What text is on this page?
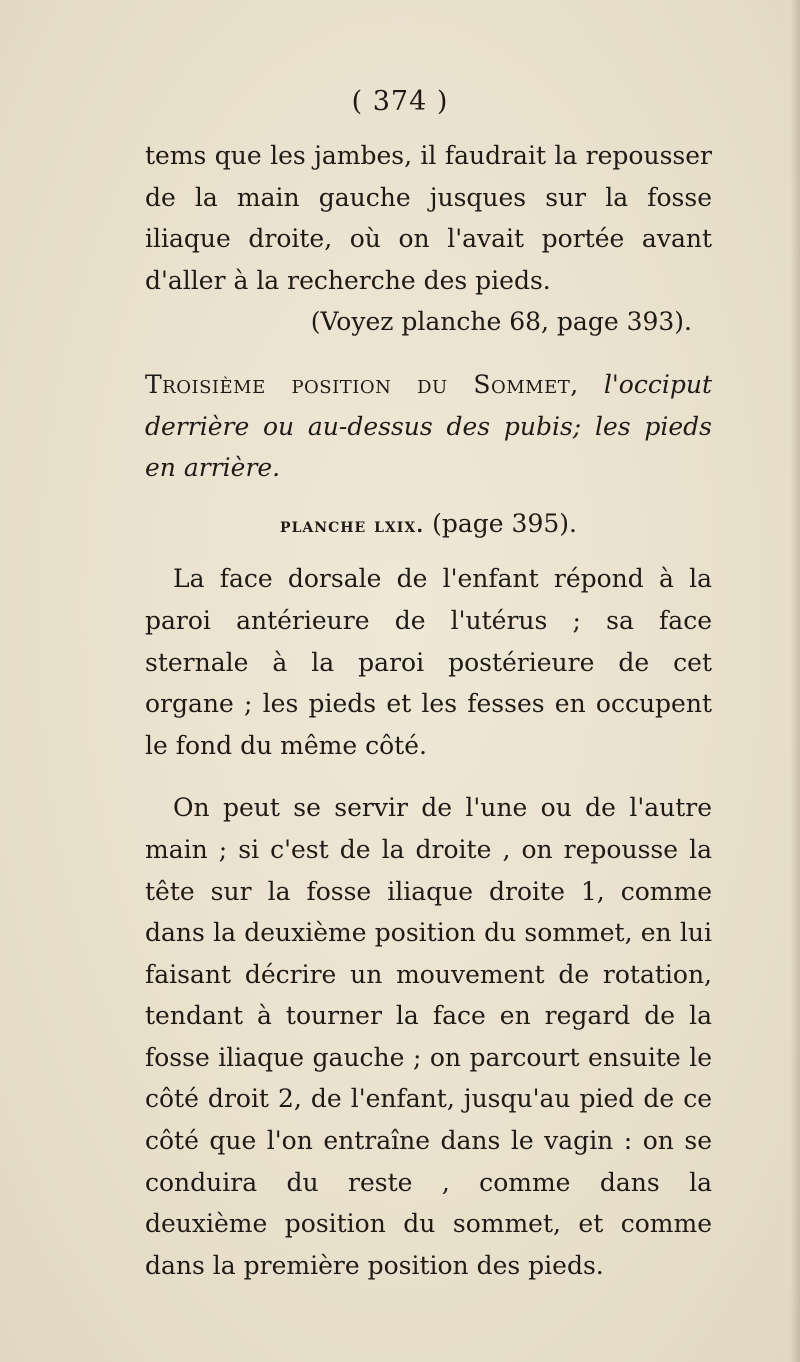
( 374 )

tems que les jambes, il faudrait la repousser de la main gauche jusques sur la fosse iliaque droite, où on l'avait portée avant d'aller à la recherche des pieds.

(Voyez planche 68, page 393).

Troisième position du Sommet, l'occiput derrière ou au-dessus des pubis; les pieds en arrière.

planche lxix. (page 395).

La face dorsale de l'enfant répond à la paroi antérieure de l'utérus ; sa face sternale à la paroi postérieure de cet organe ; les pieds et les fesses en occupent le fond du même côté.

On peut se servir de l'une ou de l'autre main ; si c'est de la droite , on repousse la tête sur la fosse iliaque droite 1, comme dans la deuxième position du sommet, en lui faisant décrire un mouvement de rotation, tendant à tourner la face en regard de la fosse iliaque gauche ; on parcourt ensuite le côté droit 2, de l'enfant, jusqu'au pied de ce côté que l'on entraîne dans le vagin : on se conduira du reste , comme dans la deuxième position du sommet, et comme dans la première position des pieds.
